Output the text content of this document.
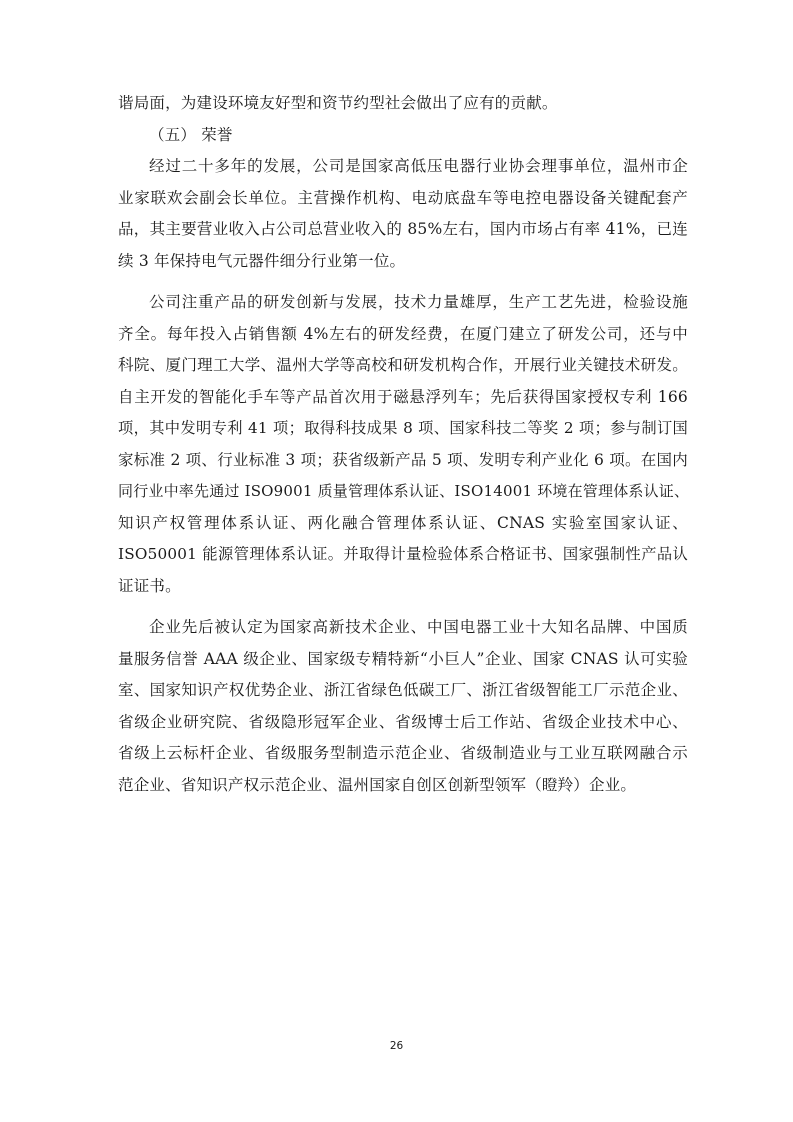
谐局面，为建设环境友好型和资节约型社会做出了应有的贡献。
（五） 荣誉
经过二十多年的发展，公司是国家高低压电器行业协会理事单位，温州市企
业家联欢会副会长单位。主营操作机构、电动底盘车等电控电器设备关键配套产
品，其主要营业收入占公司总营业收入的 85%左右，国内市场占有率 41%，已连
续 3 年保持电气元器件细分行业第一位。
公司注重产品的研发创新与发展，技术力量雄厚，生产工艺先进，检验设施
齐全。每年投入占销售额 4%左右的研发经费，在厦门建立了研发公司，还与中
科院、厦门理工大学、温州大学等高校和研发机构合作，开展行业关键技术研发。
自主开发的智能化手车等产品首次用于磁悬浮列车；先后获得国家授权专利 166
项，其中发明专利 41 项；取得科技成果 8 项、国家科技二等奖 2 项；参与制订国
家标准 2 项、行业标准 3 项；获省级新产品 5 项、发明专利产业化 6 项。在国内
同行业中率先通过 ISO9001 质量管理体系认证、ISO14001 环境在管理体系认证、
知识产权管理体系认证、两化融合管理体系认证、CNAS 实验室国家认证、
ISO50001 能源管理体系认证。并取得计量检验体系合格证书、国家强制性产品认
证证书。
企业先后被认定为国家高新技术企业、中国电器工业十大知名品牌、中国质
量服务信誉 AAA 级企业、国家级专精特新“小巨人”企业、国家 CNAS 认可实验
室、国家知识产权优势企业、浙江省绿色低碳工厂、浙江省级智能工厂示范企业、
省级企业研究院、省级隐形冠军企业、省级博士后工作站、省级企业技术中心、
省级上云标杆企业、省级服务型制造示范企业、省级制造业与工业互联网融合示
范企业、省知识产权示范企业、温州国家自创区创新型领军（瞪羚）企业。
26
